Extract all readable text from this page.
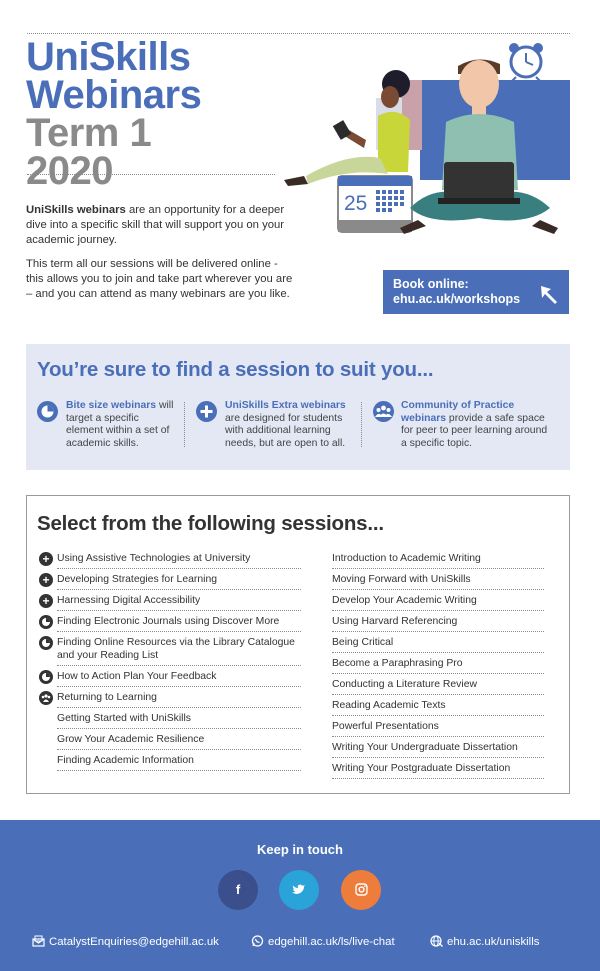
UniSkills
Webinars
Term 1
2020

UniSkills webinars are an opportunity for a deeper dive into a specific skill that will support you on your academic journey.

This term all our sessions will be delivered online - this allows you to join and take part wherever you are – and you can attend as many webinars are you like.

25
Book online:
ehu.ac.uk/workshops
You’re sure to find a session to suit you...
Bite size webinars will target a specific element within a set of academic skills.
UniSkills Extra webinars are designed for students with additional learning needs, but are open to all.
Community of Practice webinars provide a safe space for peer to peer learning around a specific topic.
Select from the following sessions...
+ Using Assistive Technologies at University
+ Developing Strategies for Learning
+ Harnessing Digital Accessibility
Finding Electronic Journals using Discover More
Finding Online Resources via the Library Catalogue and your Reading List
How to Action Plan Your Feedback
Returning to Learning
Getting Started with UniSkills
Grow Your Academic Resilience
Finding Academic Information
Introduction to Academic Writing
Moving Forward with UniSkills
Develop Your Academic Writing
Using Harvard Referencing
Being Critical
Become a Paraphrasing Pro
Conducting a Literature Review
Reading Academic Texts
Powerful Presentations
Writing Your Undergraduate Dissertation
Writing Your Postgraduate Dissertation
Keep in touch
f
CatalystEnquiries@edgehill.ac.uk	edgehill.ac.uk/ls/live-chat	ehu.ac.uk/uniskills
